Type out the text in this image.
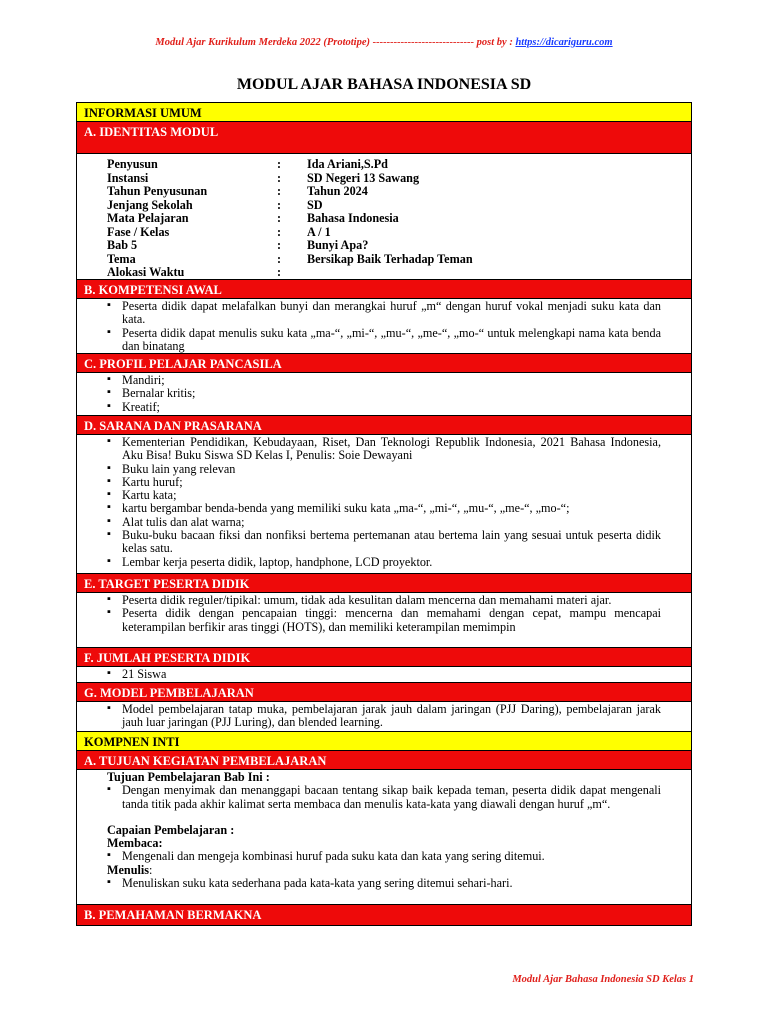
Modul Ajar Kurikulum Merdeka 2022 (Prototipe) ----------------------------- post by : https://dicariguru.com
MODUL AJAR BAHASA INDONESIA SD
INFORMASI UMUM
A. IDENTITAS MODUL
Penyusun	:	Ida Ariani,S.Pd
Instansi	:	SD Negeri 13 Sawang
Tahun Penyusunan	:	Tahun 2024
Jenjang Sekolah	:	SD
Mata Pelajaran	:	Bahasa Indonesia
Fase / Kelas	:	A / 1
Bab 5	:	Bunyi Apa?
Tema	:	Bersikap Baik Terhadap Teman
Alokasi Waktu	:
B. KOMPETENSI AWAL
▪ Peserta didik dapat melafalkan bunyi dan merangkai huruf „m“ dengan huruf vokal menjadi suku kata dan kata.
▪ Peserta didik dapat menulis suku kata „ma-“, „mi-“, „mu-“, „me-“, „mo-“ untuk melengkapi nama kata benda dan binatang
C. PROFIL PELAJAR PANCASILA
▪ Mandiri;
▪ Bernalar kritis;
▪ Kreatif;
D. SARANA DAN PRASARANA
▪ Kementerian Pendidikan, Kebudayaan, Riset, Dan Teknologi Republik Indonesia, 2021 Bahasa Indonesia, Aku Bisa! Buku Siswa SD Kelas I, Penulis: Soie Dewayani
▪ Buku lain yang relevan
▪ Kartu huruf;
▪ Kartu kata;
▪ kartu bergambar benda-benda yang memiliki suku kata „ma-“, „mi-“, „mu-“, „me-“, „mo-“;
▪ Alat tulis dan alat warna;
▪ Buku-buku bacaan fiksi dan nonfiksi bertema pertemanan atau bertema lain yang sesuai untuk peserta didik kelas satu.
▪ Lembar kerja peserta didik, laptop, handphone, LCD proyektor.
E. TARGET PESERTA DIDIK
▪ Peserta didik reguler/tipikal: umum, tidak ada kesulitan dalam mencerna dan memahami materi ajar.
▪ Peserta didik dengan pencapaian tinggi: mencerna dan memahami dengan cepat, mampu mencapai keterampilan berfikir aras tinggi (HOTS), dan memiliki keterampilan memimpin
F. JUMLAH PESERTA DIDIK
▪ 21 Siswa
G. MODEL PEMBELAJARAN
▪ Model pembelajaran tatap muka, pembelajaran jarak jauh dalam jaringan (PJJ Daring), pembelajaran jarak jauh luar jaringan (PJJ Luring), dan blended learning.
KOMPNEN INTI
A. TUJUAN KEGIATAN PEMBELAJARAN
Tujuan Pembelajaran Bab Ini :
▪ Dengan menyimak dan menanggapi bacaan tentang sikap baik kepada teman, peserta didik dapat mengenali tanda titik pada akhir kalimat serta membaca dan menulis kata-kata yang diawali dengan huruf „m“.
Capaian Pembelajaran :
Membaca:
▪ Mengenali dan mengeja kombinasi huruf pada suku kata dan kata yang sering ditemui.
Menulis:
▪ Menuliskan suku kata sederhana pada kata-kata yang sering ditemui sehari-hari.
B. PEMAHAMAN BERMAKNA
Modul Ajar Bahasa Indonesia SD Kelas 1
